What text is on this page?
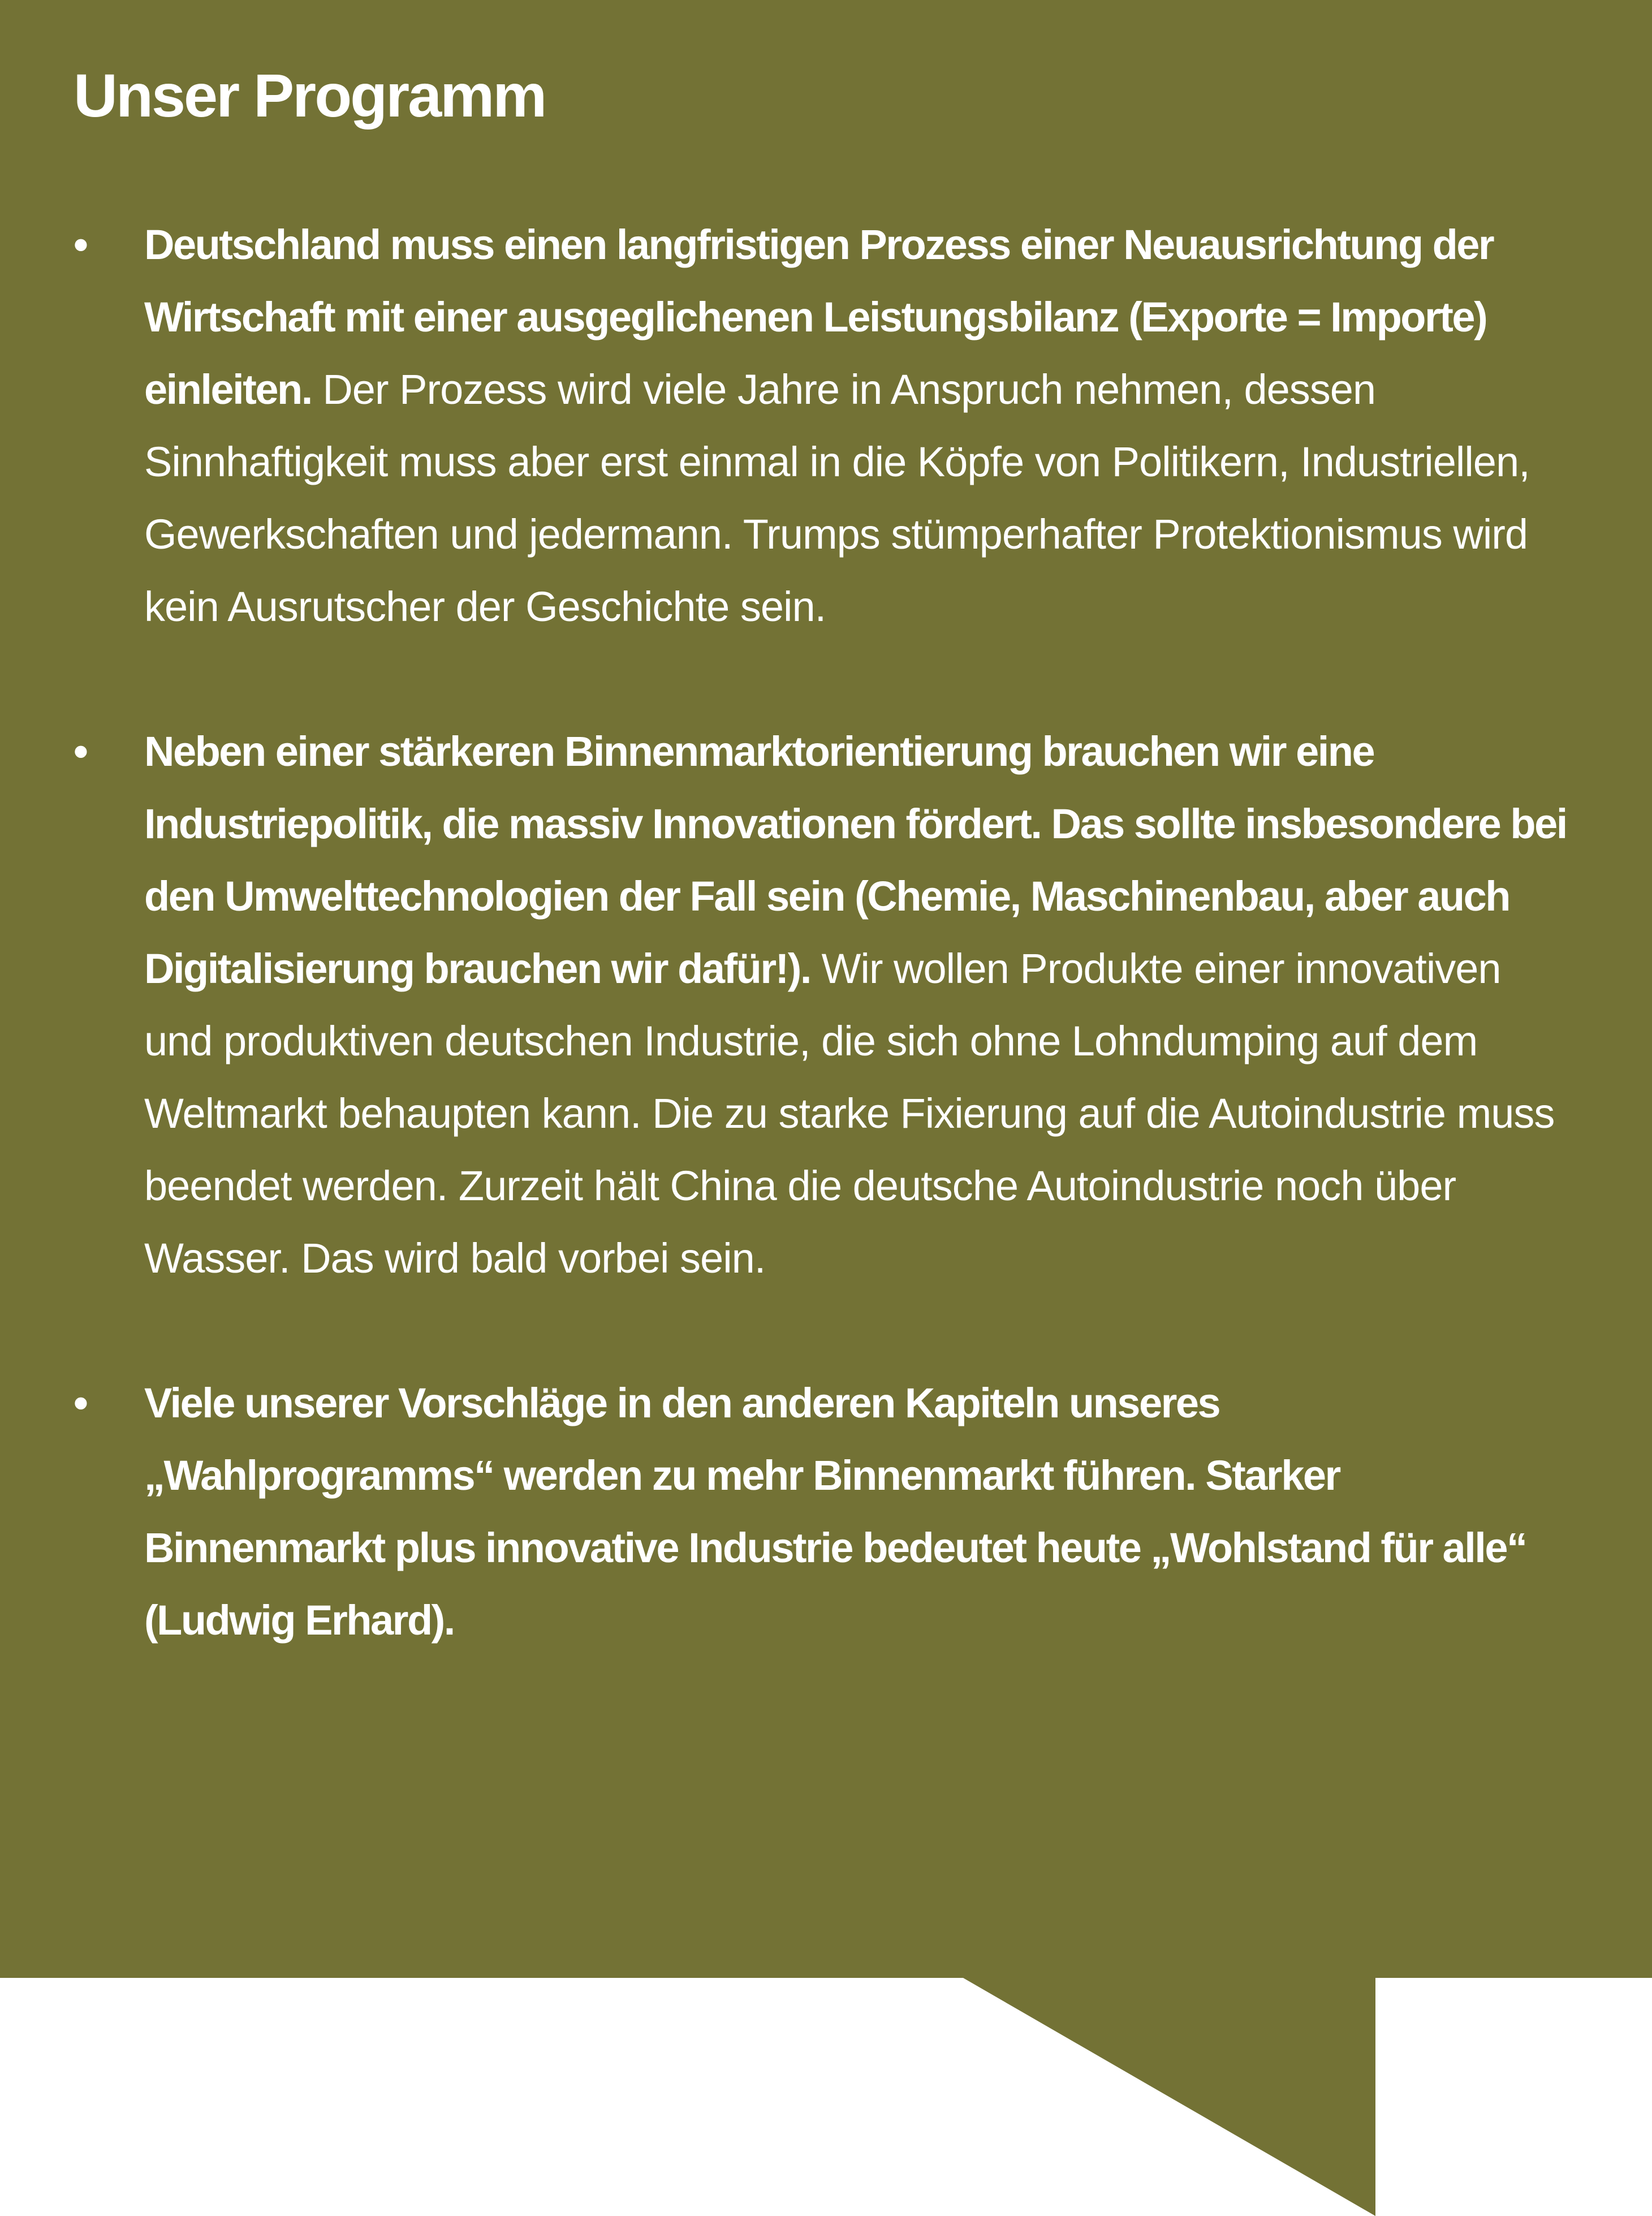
Unser Programm
• Deutschland muss einen langfristigen Prozess einer Neuausrichtung der Wirtschaft mit einer ausgeglichenen Leistungsbilanz (Exporte = Importe) einleiten. Der Prozess wird viele Jahre in Anspruch nehmen, dessen Sinnhaftigkeit muss aber erst einmal in die Köpfe von Politikern, Industriellen, Gewerkschaften und jedermann. Trumps stümperhafter Protektionismus wird kein Ausrutscher der Geschichte sein.
• Neben einer stärkeren Binnenmarktorientierung brauchen wir eine Industriepolitik, die massiv Innovationen fördert. Das sollte insbesondere bei den Umwelttechnologien der Fall sein (Chemie, Maschinenbau, aber auch Digitalisierung brauchen wir dafür!). Wir wollen Produkte einer innovativen und produktiven deutschen Industrie, die sich ohne Lohndumping auf dem Weltmarkt behaupten kann. Die zu starke Fixierung auf die Autoindustrie muss beendet werden. Zurzeit hält China die deutsche Autoindustrie noch über Wasser. Das wird bald vorbei sein.
• Viele unserer Vorschläge in den anderen Kapiteln unseres „Wahlprogramms“ werden zu mehr Binnenmarkt führen. Starker Binnenmarkt plus innovative Industrie bedeutet heute „Wohlstand für alle“ (Ludwig Erhard).
